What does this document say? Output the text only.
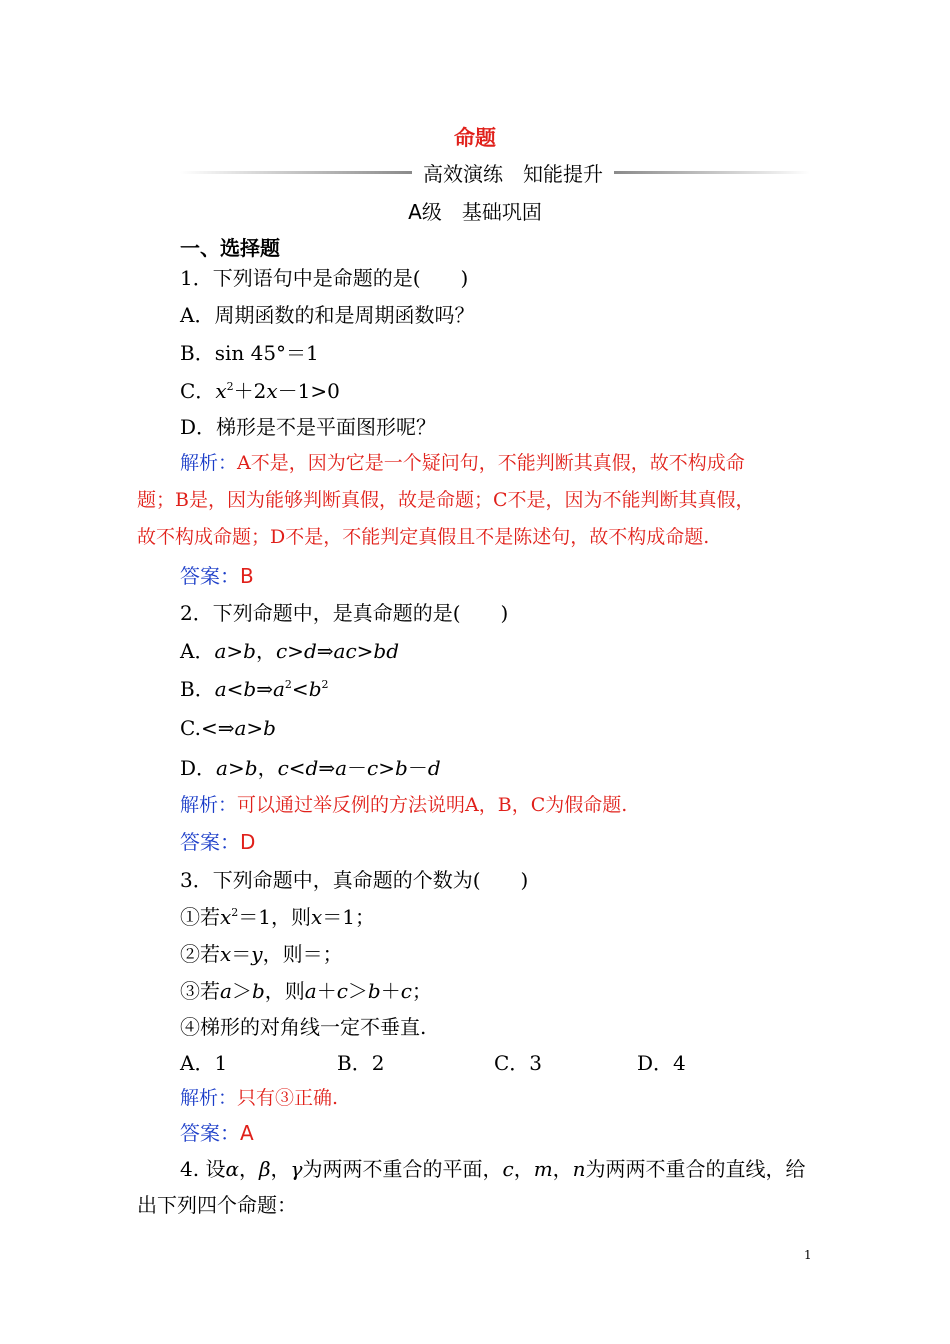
命题
高效演练　知能提升
A级　基础巩固
一、选择题
1．下列语句中是命题的是(　　)
A．周期函数的和是周期函数吗？
B．sin 45°＝1
C．$x^2+2x-1>0$
D．梯形是不是平面图形呢？
解析：A不是，因为它是一个疑问句，不能判断其真假，故不构成命
题；B是，因为能够判断真假，故是命题；C不是，因为不能判断其真假，
故不构成命题；D不是，不能判定真假且不是陈述句，故不构成命题.
答案：B
2．下列命题中，是真命题的是(　　)
A．a>b，c>d⇒ac>bd
B．$a<b\Rightarrow a^2<b^2$
C.<⇒a>b
D．a>b，c<d⇒a－c>b－d
解析：可以通过举反例的方法说明A，B，C为假命题.
答案：D
3．下列命题中，真命题的个数为(　　)
①若$x^2=1$，则x＝1；
②若x＝y，则＝；
③若a＞b，则a＋c＞b＋c；
④梯形的对角线一定不垂直.
A．1	B．2	C．3	D．4
解析：只有③正确.
答案：A
4. 设α，β，γ为两两不重合的平面，c，m，n为两两不重合的直线，给
出下列四个命题：
1
